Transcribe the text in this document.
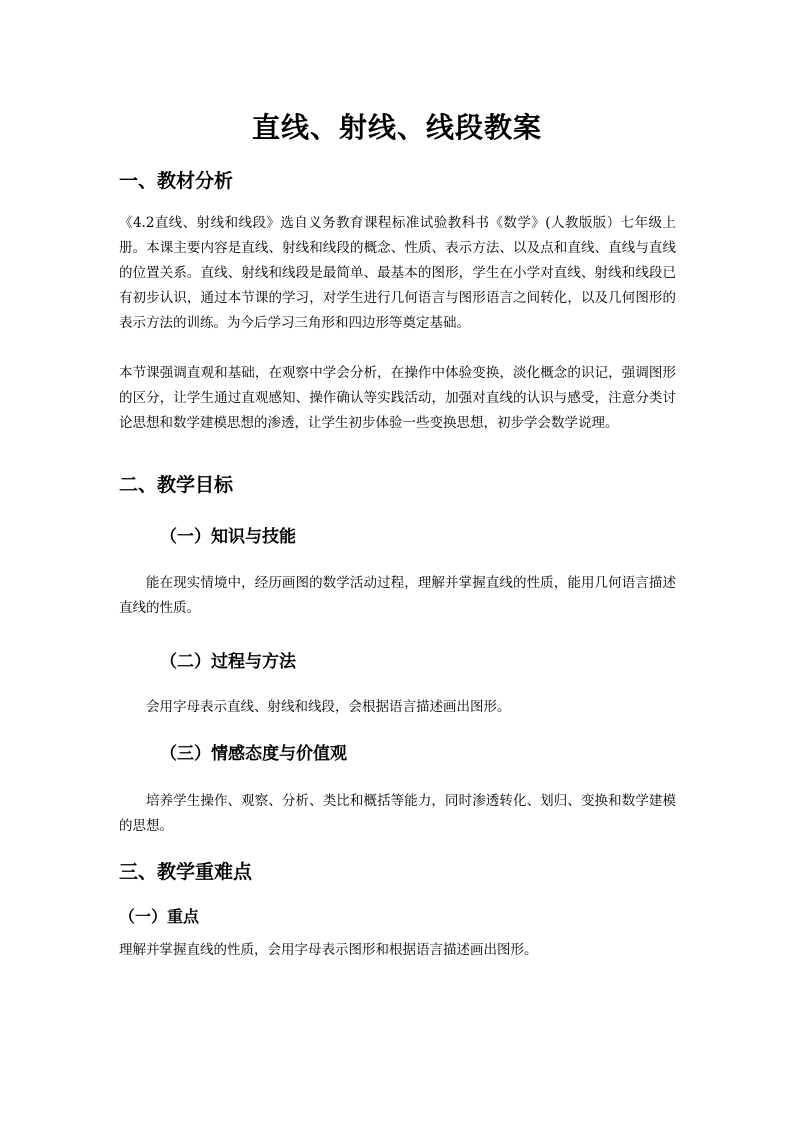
直线、射线、线段教案
一、教材分析

《4.2直线、射线和线段》选自义务教育课程标准试验教科书《数学》(人教版版）七年级上册。本课主要内容是直线、射线和线段的概念、性质、表示方法、以及点和直线、直线与直线的位置关系。直线、射线和线段是最简单、最基本的图形，学生在小学对直线、射线和线段已有初步认识，通过本节课的学习，对学生进行几何语言与图形语言之间转化，以及几何图形的表示方法的训练。为今后学习三角形和四边形等奠定基础。

本节课强调直观和基础，在观察中学会分析，在操作中体验变换，淡化概念的识记，强调图形的区分，让学生通过直观感知、操作确认等实践活动，加强对直线的认识与感受，注意分类讨论思想和数学建模思想的渗透，让学生初步体验一些变换思想，初步学会数学说理。

二、教学目标
（一）知识与技能

能在现实情境中，经历画图的数学活动过程，理解并掌握直线的性质，能用几何语言描述直线的性质。

（二）过程与方法

会用字母表示直线、射线和线段，会根据语言描述画出图形。

（三）情感态度与价值观

培养学生操作、观察、分析、类比和概括等能力，同时渗透转化、划归、变换和数学建模的思想。

三、教学重难点
（一）重点

理解并掌握直线的性质，会用字母表示图形和根据语言描述画出图形。
